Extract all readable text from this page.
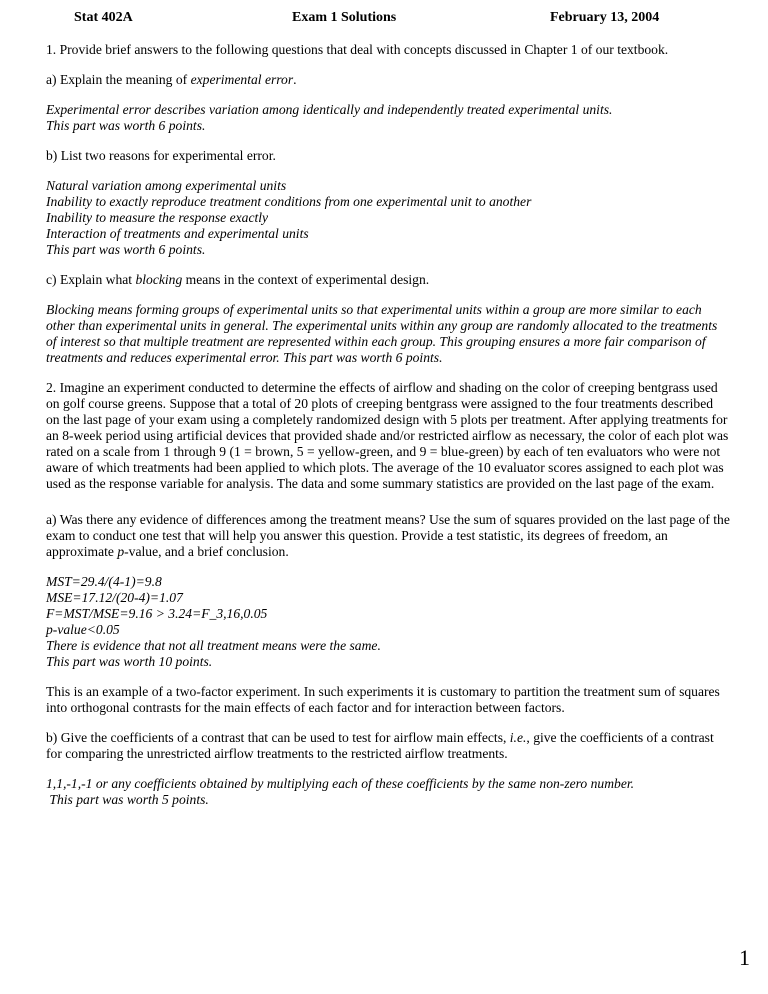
Stat 402A	Exam 1 Solutions	February 13, 2004

1. Provide brief answers to the following questions that deal with concepts discussed in Chapter 1 of our textbook.

a) Explain the meaning of experimental error.

Experimental error describes variation among identically and independently treated experimental units.
This part was worth 6 points.

b) List two reasons for experimental error.

Natural variation among experimental units
Inability to exactly reproduce treatment conditions from one experimental unit to another
Inability to measure the response exactly
Interaction of treatments and experimental units
This part was worth 6 points.

c) Explain what blocking means in the context of experimental design.

Blocking means forming groups of experimental units so that experimental units within a group are more similar to each other than experimental units in general. The experimental units within any group are randomly allocated to the treatments of interest so that multiple treatment are represented within each group. This grouping ensures a more fair comparison of treatments and reduces experimental error. This part was worth 6 points.

2. Imagine an experiment conducted to determine the effects of airflow and shading on the color of creeping bentgrass used on golf course greens. Suppose that a total of 20 plots of creeping bentgrass were assigned to the four treatments described on the last page of your exam using a completely randomized design with 5 plots per treatment. After applying treatments for an 8-week period using artificial devices that provided shade and/or restricted airflow as necessary, the color of each plot was rated on a scale from 1 through 9 (1 = brown, 5 = yellow-green, and 9 = blue-green) by each of ten evaluators who were not aware of which treatments had been applied to which plots. The average of the 10 evaluator scores assigned to each plot was used as the response variable for analysis. The data and some summary statistics are provided on the last page of the exam.

a) Was there any evidence of differences among the treatment means? Use the sum of squares provided on the last page of the exam to conduct one test that will help you answer this question. Provide a test statistic, its degrees of freedom, an approximate p-value, and a brief conclusion.

MST=29.4/(4-1)=9.8
MSE=17.12/(20-4)=1.07
F=MST/MSE=9.16 > 3.24=F_3,16,0.05
p-value<0.05
There is evidence that not all treatment means were the same.
This part was worth 10 points.

This is an example of a two-factor experiment. In such experiments it is customary to partition the treatment sum of squares into orthogonal contrasts for the main effects of each factor and for interaction between factors.

b) Give the coefficients of a contrast that can be used to test for airflow main effects, i.e., give the coefficients of a contrast for comparing the unrestricted airflow treatments to the restricted airflow treatments.

1,1,-1,-1 or any coefficients obtained by multiplying each of these coefficients by the same non-zero number.
This part was worth 5 points.

1
